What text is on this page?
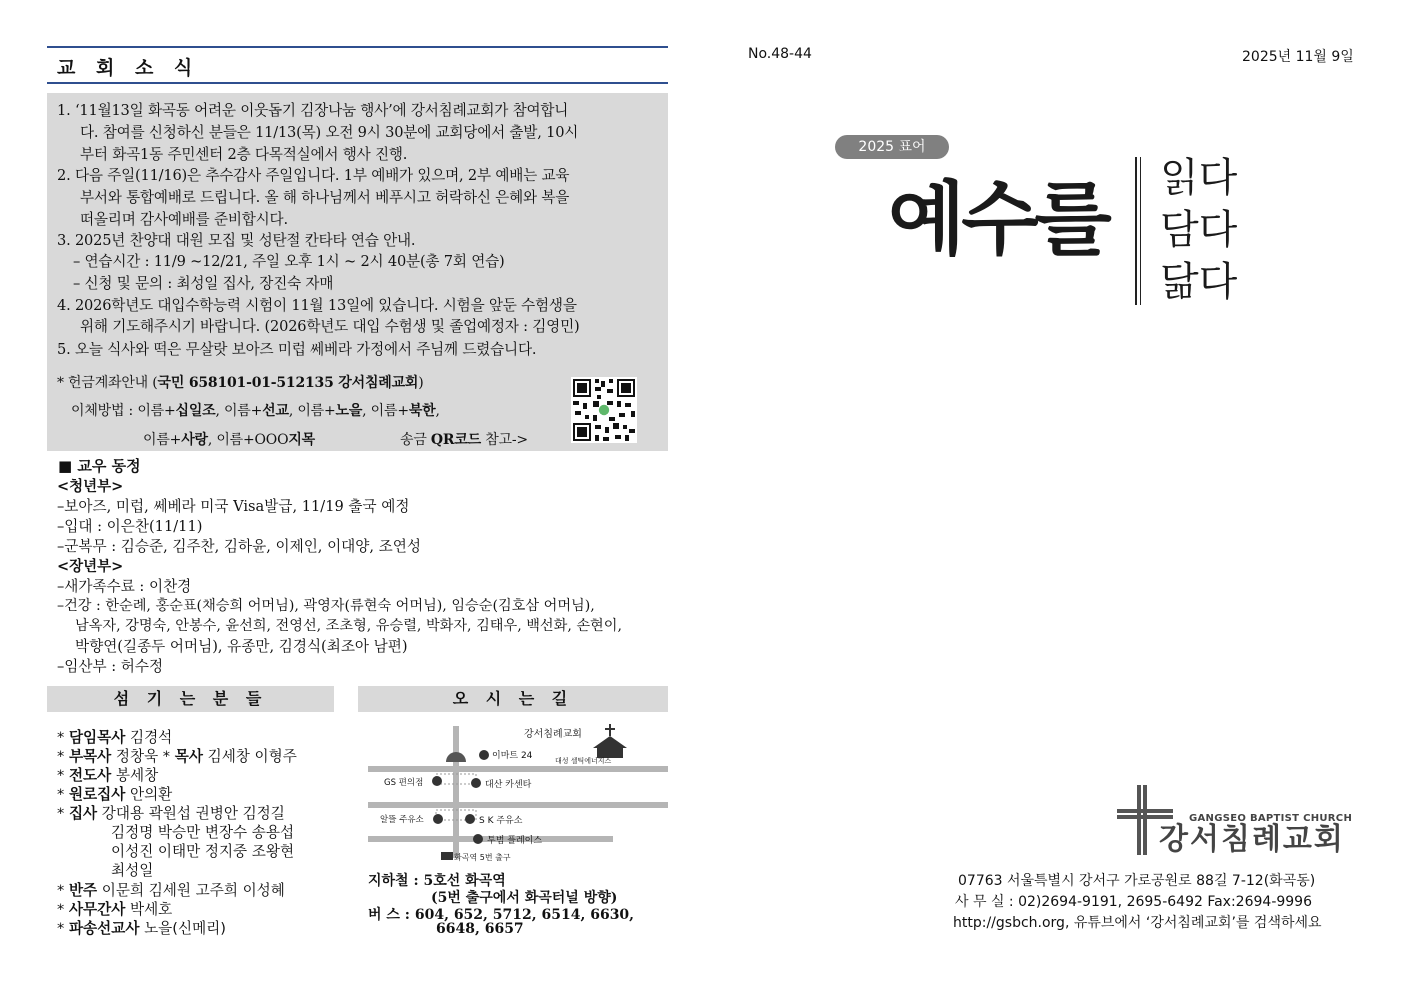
교 회 소 식
1. ‘11월13일 화곡동 어려운 이웃돕기 김장나눔 행사’에 강서침례교회가 참여합니
다. 참여를 신청하신 분들은 11/13(목) 오전 9시 30분에 교회당에서 출발, 10시
부터 화곡1동 주민센터 2층 다목적실에서 행사 진행.
2. 다음 주일(11/16)은 추수감사 주일입니다. 1부 예배가 있으며, 2부 예배는 교육
부서와 통합예배로 드립니다. 올 해 하나님께서 베푸시고 허락하신 은혜와 복을
떠올리며 감사예배를 준비합시다.
3. 2025년 찬양대 대원 모집 및 성탄절 칸타타 연습 안내.
– 연습시간 : 11/9 ~12/21, 주일 오후 1시 ~ 2시 40분(총 7회 연습)
– 신청 및 문의 : 최성일 집사, 장진숙 자매
4. 2026학년도 대입수학능력 시험이 11월 13일에 있습니다. 시험을 앞둔 수험생을
위해 기도해주시기 바랍니다. (2026학년도 대입 수험생 및 졸업예정자 : 김영민)
5. 오늘 식사와 떡은 무살랏 보아즈 미럽 쎄베라 가정에서 주님께 드렸습니다.
* 헌금계좌안내 (국민 658101-01-512135 강서침례교회)
이체방법 : 이름+십일조, 이름+선교, 이름+노을, 이름+북한,
이름+사랑, 이름+OOO지목	송금 QR코드 참고->
■ 교우 동정
<청년부>
–보아즈, 미럽, 쎄베라 미국 Visa발급, 11/19 출국 예정
–입대 : 이은찬(11/11)
–군복무 : 김승준, 김주찬, 김하윤, 이제인, 이대양, 조연성
<장년부>
–새가족수료 : 이찬경
–건강 : 한순례, 홍순표(채승희 어머님), 곽영자(류현숙 어머님), 임승순(김호삼 어머님),
남옥자, 강명숙, 안봉수, 윤선희, 전영선, 조초형, 유승렬, 박화자, 김태우, 백선화, 손현이,
박향연(길종두 어머님), 유종만, 김경식(최조아 남편)
–임산부 : 허수정
섬 기 는 분 들
* 담임목사 김경석
* 부목사 정창욱 * 목사 김세창 이형주
* 전도사 봉세창
* 원로집사 안의환
* 집사 강대용 곽원섭 권병안 김정길
김정명 박승만 변장수 송용섭
이성진 이태만 정지중 조왕현
최성일
* 반주 이문희 김세원 고주희 이성혜
* 사무간사 박세호
* 파송선교사 노을(신메리)
오 시 는 길
강서침례교회
이마트 24	대성 셀틱에너지스
GS 편의점	대산 카센타
알뜰 주유소	S K 주유소
투범 플레이스
화곡역 5번 출구
지하철 : 5호선 화곡역
(5번 출구에서 화곡터널 방향)
버 스 : 604, 652, 5712, 6514, 6630,
6648, 6657
No.48-44	2025년 11월 9일
2025 표어
예수를 읽다
담다
닮다
GANGSEO BAPTIST CHURCH
강서침례교회
07763 서울특별시 강서구 가로공원로 88길 7-12(화곡동)
사 무 실 : 02)2694-9191, 2695-6492 Fax:2694-9996
http://gsbch.org, 유튜브에서 ‘강서침례교회’를 검색하세요
